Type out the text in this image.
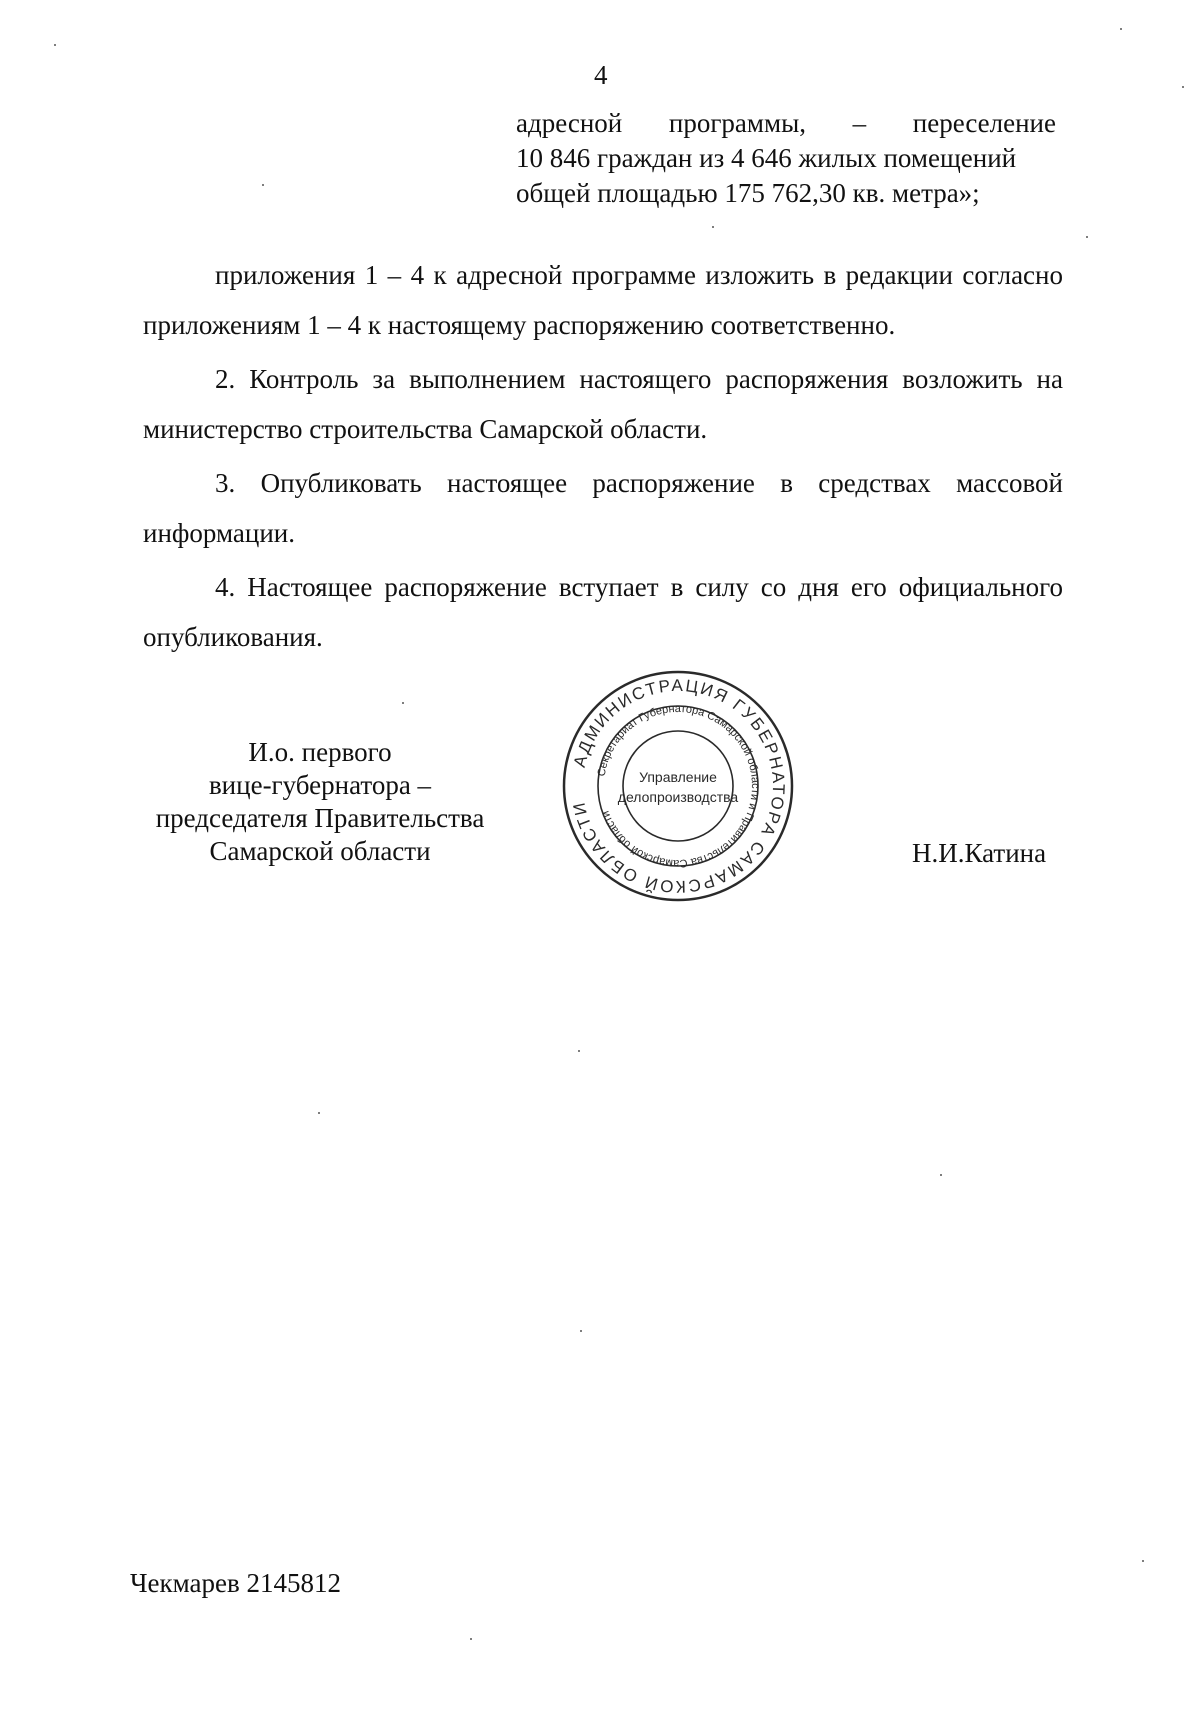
4
адресной программы, – переселение
10 846 граждан из 4 646 жилых помещений
общей площадью 175 762,30 кв. метра»;

приложения 1 – 4 к адресной программе изложить в редакции согласно приложениям 1 – 4 к настоящему распоряжению соответственно.

2. Контроль за выполнением настоящего распоряжения возложить на министерство строительства Самарской области.

3. Опубликовать настоящее распоряжение в средствах массовой информации.

4. Настоящее распоряжение вступает в силу со дня его официального опубликования.

И.о. первого
вице-губернатора –
председателя Правительства
Самарской области
АДМИНИСТРАЦИЯ ГУБЕРНАТОРА САМАРСКОЙ ОБЛАСТИ
Секретариат Губернатора Самарской области и Правительства Самарской области
Управление
делопроизводства
Н.И.Катина
Чекмарев 2145812
